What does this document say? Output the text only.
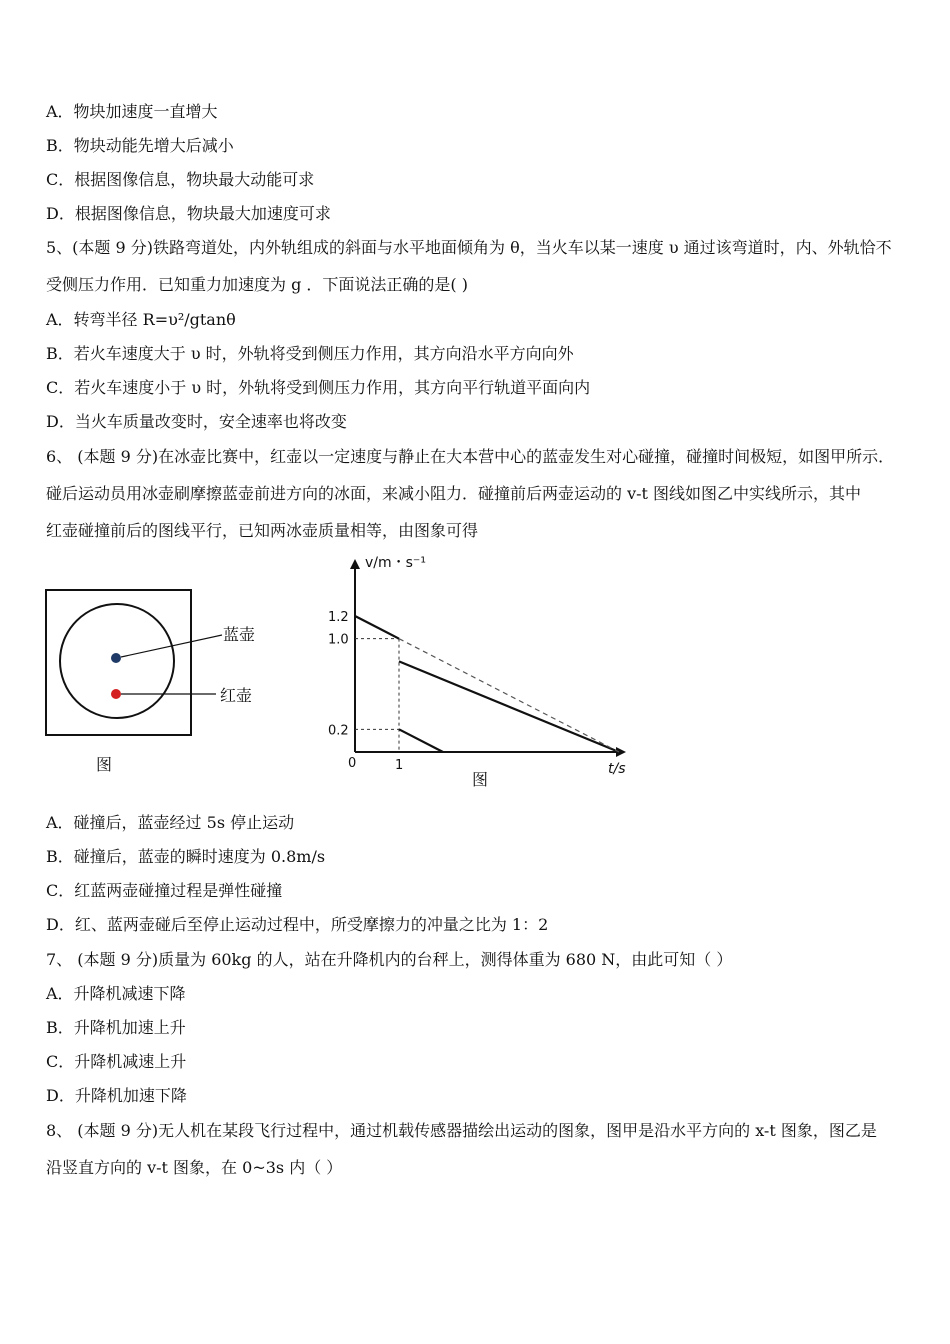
A．物块加速度一直增大
B．物块动能先增大后减小
C．根据图像信息，物块最大动能可求
D．根据图像信息，物块最大加速度可求
5、(本题 9 分)铁路弯道处，内外轨组成的斜面与水平地面倾角为 θ，当火车以某一速度 υ 通过该弯道时，内、外轨恰不
受侧压力作用．已知重力加速度为 g ．下面说法正确的是( )
A．转弯半径 R=υ²/gtanθ
B．若火车速度大于 υ 时，外轨将受到侧压力作用，其方向沿水平方向向外
C．若火车速度小于 υ 时，外轨将受到侧压力作用，其方向平行轨道平面向内
D．当火车质量改变时，安全速率也将改变
6、 (本题 9 分)在冰壶比赛中，红壶以一定速度与静止在大本营中心的蓝壶发生对心碰撞，碰撞时间极短，如图甲所示．
碰后运动员用冰壶刷摩擦蓝壶前进方向的冰面，来减小阻力．碰撞前后两壶运动的 v-t 图线如图乙中实线所示，其中
红壶碰撞前后的图线平行，已知两冰壶质量相等，由图象可得
蓝壶
红壶
图
v/m・s⁻¹
t/s
0
1.2
1.0
0.2
1
图
A．碰撞后，蓝壶经过 5s 停止运动
B．碰撞后，蓝壶的瞬时速度为 0.8m/s
C．红蓝两壶碰撞过程是弹性碰撞
D．红、蓝两壶碰后至停止运动过程中，所受摩擦力的冲量之比为 1：2
7、 (本题 9 分)质量为 60kg 的人，站在升降机内的台秤上，测得体重为 680 N，由此可知（ ）
A．升降机减速下降
B．升降机加速上升
C．升降机减速上升
D．升降机加速下降
8、 (本题 9 分)无人机在某段飞行过程中，通过机载传感器描绘出运动的图象，图甲是沿水平方向的 x-t 图象，图乙是
沿竖直方向的 v-t 图象，在 0~3s 内（ ）
